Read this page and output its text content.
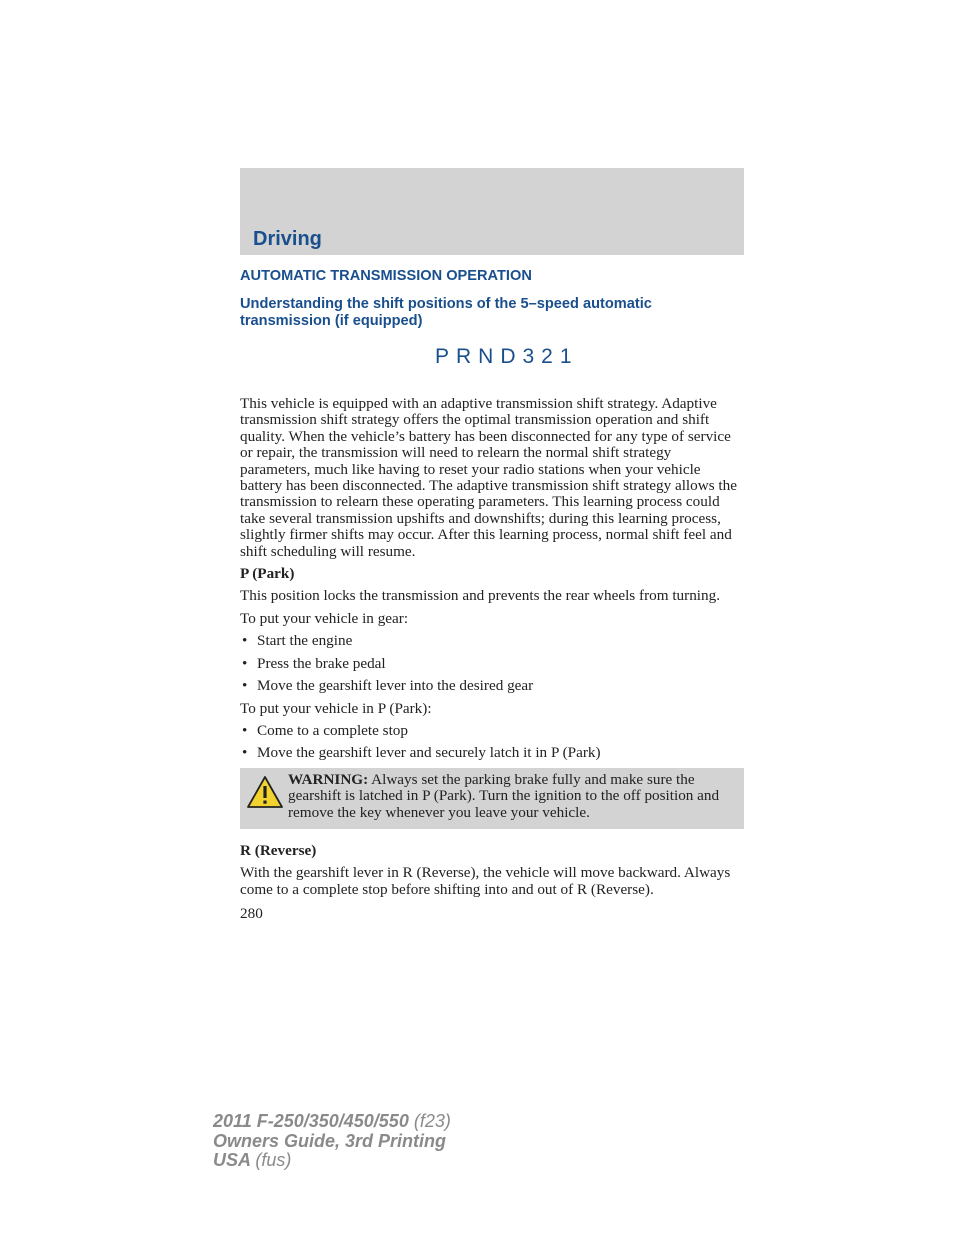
Driving
AUTOMATIC TRANSMISSION OPERATION
Understanding the shift positions of the 5–speed automatic transmission (if equipped)
PRND321

This vehicle is equipped with an adaptive transmission shift strategy. Adaptive transmission shift strategy offers the optimal transmission operation and shift quality. When the vehicle’s battery has been disconnected for any type of service or repair, the transmission will need to relearn the normal shift strategy parameters, much like having to reset your radio stations when your vehicle battery has been disconnected. The adaptive transmission shift strategy allows the transmission to relearn these operating parameters. This learning process could take several transmission upshifts and downshifts; during this learning process, slightly firmer shifts may occur. After this learning process, normal shift feel and shift scheduling will resume.

P (Park)

This position locks the transmission and prevents the rear wheels from turning.

To put your vehicle in gear:

• Start the engine
• Press the brake pedal
• Move the gearshift lever into the desired gear

To put your vehicle in P (Park):

• Come to a complete stop
• Move the gearshift lever and securely latch it in P (Park)
WARNING: Always set the parking brake fully and make sure the gearshift is latched in P (Park). Turn the ignition to the off position and remove the key whenever you leave your vehicle.

R (Reverse)

With the gearshift lever in R (Reverse), the vehicle will move backward. Always come to a complete stop before shifting into and out of R (Reverse).

280

2011 F-250/350/450/550 (f23)
Owners Guide, 3rd Printing
USA (fus)
